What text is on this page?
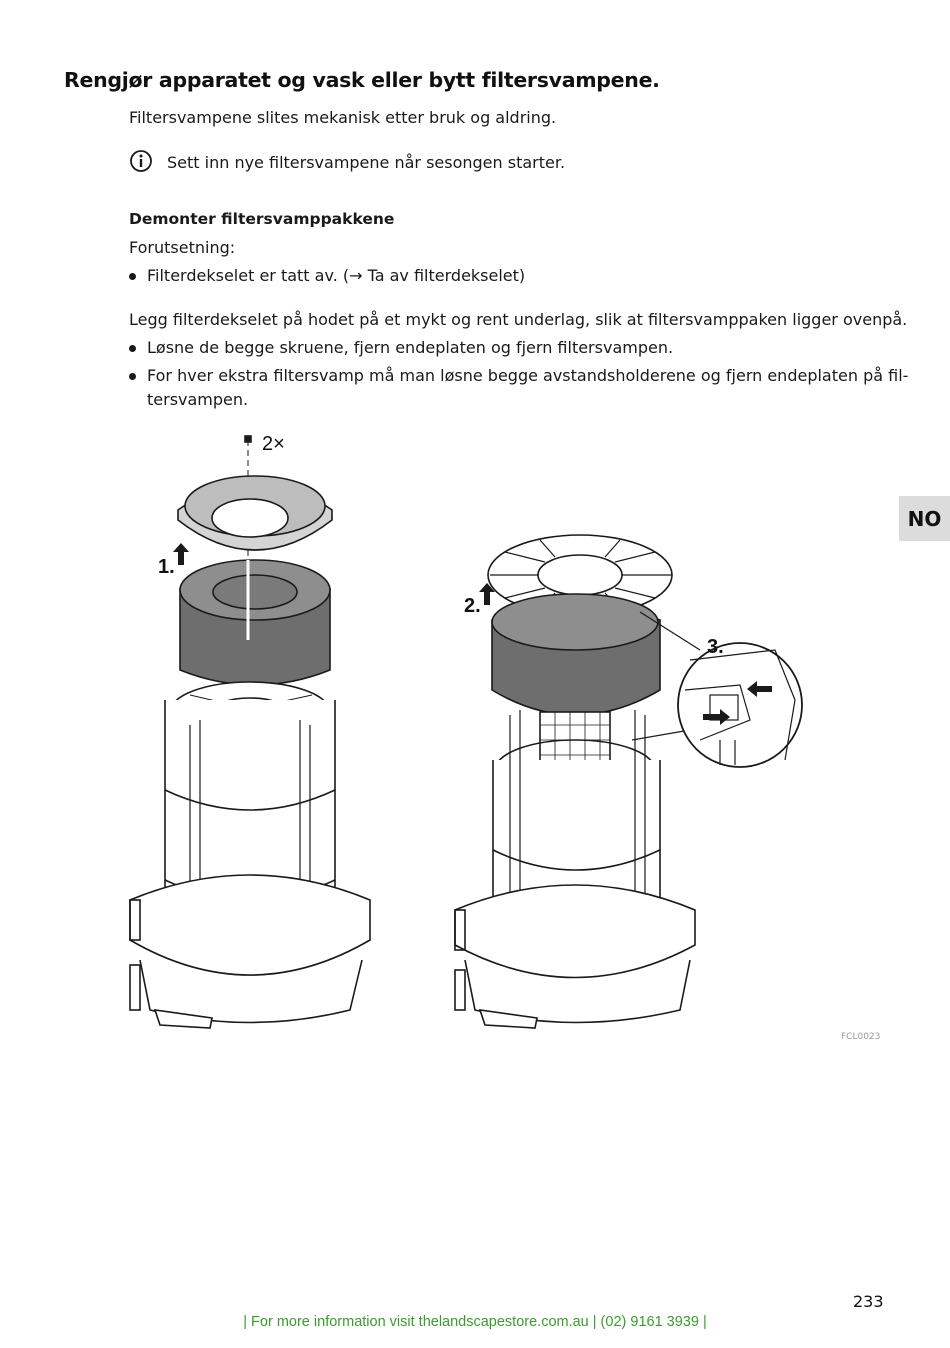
Rengjør apparatet og vask eller bytt filtersvampene.
Filtersvampene slites mekanisk etter bruk og aldring.
Sett inn nye filtersvampene når sesongen starter.
Demonter filtersvamppakkene
Forutsetning:
Filterdekselet er tatt av. (→ Ta av filterdekselet)
Legg filterdekselet på hodet på et mykt og rent underlag, slik at filtersvamppaken ligger ovenpå.
Løsne de begge skruene, fjern endeplaten og fjern filtersvampen.
For hver ekstra filtersvamp må man løsne begge avstandsholderene og fjern endeplaten på fil-
tersvampen.
2×
1.
2.
3.
FCL0023
NO
233
| For more information visit thelandscapestore.com.au | (02) 9161 3939 |
